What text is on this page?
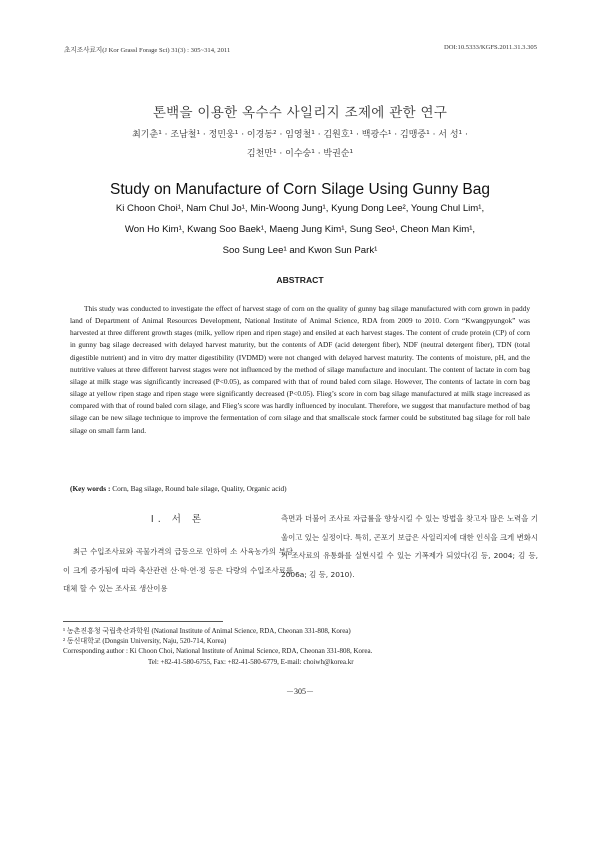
초지조사료지(J Kor Grassl Forage Sci) 31(3) : 305~314, 2011	DOI:10.5333/KGFS.2011.31.3.305
톤백을 이용한 옥수수 사일리지 조제에 관한 연구
최기춘¹ · 조남철¹ · 정민웅¹ · 이경동² · 임영철¹ · 김원호¹ · 백광수¹ · 김맹중¹ · 서 성¹ ·
김천만¹ · 이수숭¹ · 박권순¹
Study on Manufacture of Corn Silage Using Gunny Bag
Ki Choon Choi¹, Nam Chul Jo¹, Min-Woong Jung¹, Kyung Dong Lee², Young Chul Lim¹,
Won Ho Kim¹, Kwang Soo Baek¹, Maeng Jung Kim¹, Sung Seo¹, Cheon Man Kim¹,
Soo Sung Lee¹ and Kwon Sun Park¹
ABSTRACT

This study was conducted to investigate the effect of harvest stage of corn on the quality of gunny bag silage manufactured with corn grown in paddy land of Department of Animal Resources Development, National Institute of Animal Science, RDA from 2009 to 2010. Corn “Kwangpyungok” was harvested at three different growth stages (milk, yellow ripen and ripen stage) and ensiled at each harvest stages. The content of crude protein (CP) of corn in gunny bag silage decreased with delayed harvest maturity, but the contents of ADF (acid detergent fiber), NDF (neutral detergent fiber), TDN (total digestible nutrient) and in vitro dry matter digestibility (IVDMD) were not changed with delayed harvest maturity. The contents of moisture, pH, and the nutritive values at three different harvest stages were not influenced by the method of silage manufacture and inoculant. The content of lactate in corn bag silage at milk stage was significantly increased (P<0.05), as compared with that of round baled corn silage. However, The contents of lactate in corn bag silage at yellow ripen stage and ripen stage were significantly decreased (P<0.05). Flieg’s score in corn bag silage manufactured at milk stage increased as compared with that of round baled corn silage, and Flieg’s score was hardly influenced by inoculant. Therefore, we suggest that manufacture method of bag silage can be new silage technique to improve the fermentation of corn silage and that smallscale stock farmer could be substituted bag silage for roll bale silage on small farm land.

(Key words : Corn, Bag silage, Round bale silage, Quality, Organic acid)

Ⅰ. 서 론

최근 수입조사료와 곡물가격의 급등으로 인하여 소 사육농가의 부담이 크게 증가됨에 따라 축산관련 산·학·연·정 등은 다량의 수입조사료를 대체 할 수 있는 조사료 생산이용

측면과 더불어 조사료 자급률을 향상시킬 수 있는 방법을 찾고자 많은 노력을 기울이고 있는 실정이다. 특히, 곤포기 보급은 사일리지에 대한 인식을 크게 변화시켜 조사료의 유통화를 실현시킬 수 있는 기폭제가 되었다(김 등, 2004; 김 등, 2006a; 김 등, 2010).

¹ 농촌진흥청 국립축산과학원 (National Institute of Animal Science, RDA, Cheonan 331-808, Korea)
² 동신대학교 (Dongsin University, Naju, 520-714, Korea)
Corresponding author : Ki Choon Choi, National Institute of Animal Science, RDA, Cheonan 331-808, Korea.
Tel: +82-41-580-6755, Fax: +82-41-580-6779, E-mail: choiwh@korea.kr
－305－
